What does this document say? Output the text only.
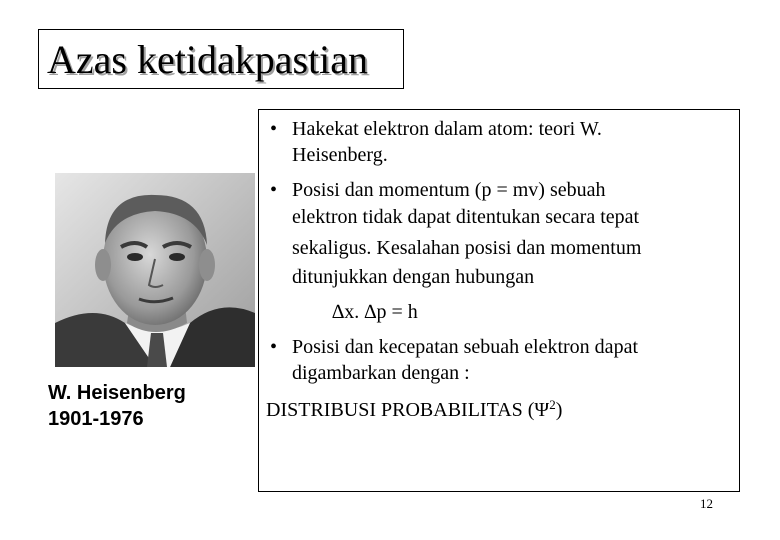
Azas ketidakpastian
W. Heisenberg
1901-1976
• Hakekat elektron dalam atom: teori W.
Heisenberg.
• Posisi dan momentum (p = mv) sebuah
elektron tidak dapat ditentukan secara tepat
sekaligus. Kesalahan posisi dan momentum
ditunjukkan dengan hubungan
∆x. ∆p = h
• Posisi dan kecepatan sebuah elektron dapat
digambarkan dengan :
DISTRIBUSI PROBABILITAS $(\Psi^2)$
12
